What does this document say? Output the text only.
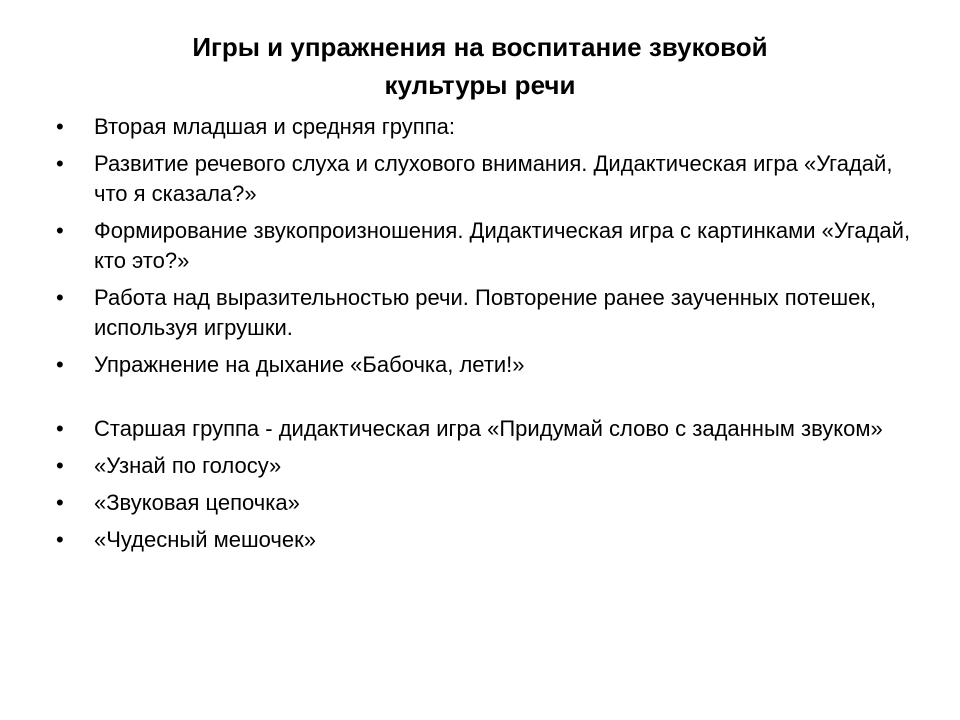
Игры и упражнения на воспитание звуковой
культуры речи
•	Вторая младшая и средняя группа:
•	Развитие речевого слуха и слухового внимания. Дидактическая игра «Угадай, что я сказала?»
•	Формирование звукопроизношения. Дидактическая игра с картинками «Угадай, кто это?»
•	Работа над выразительностью речи. Повторение ранее заученных потешек, используя игрушки.
•	Упражнение на дыхание «Бабочка, лети!»
•	Старшая группа - дидактическая игра «Придумай слово с заданным звуком»
•	«Узнай по голосу»
•	«Звуковая цепочка»
•	«Чудесный мешочек»
